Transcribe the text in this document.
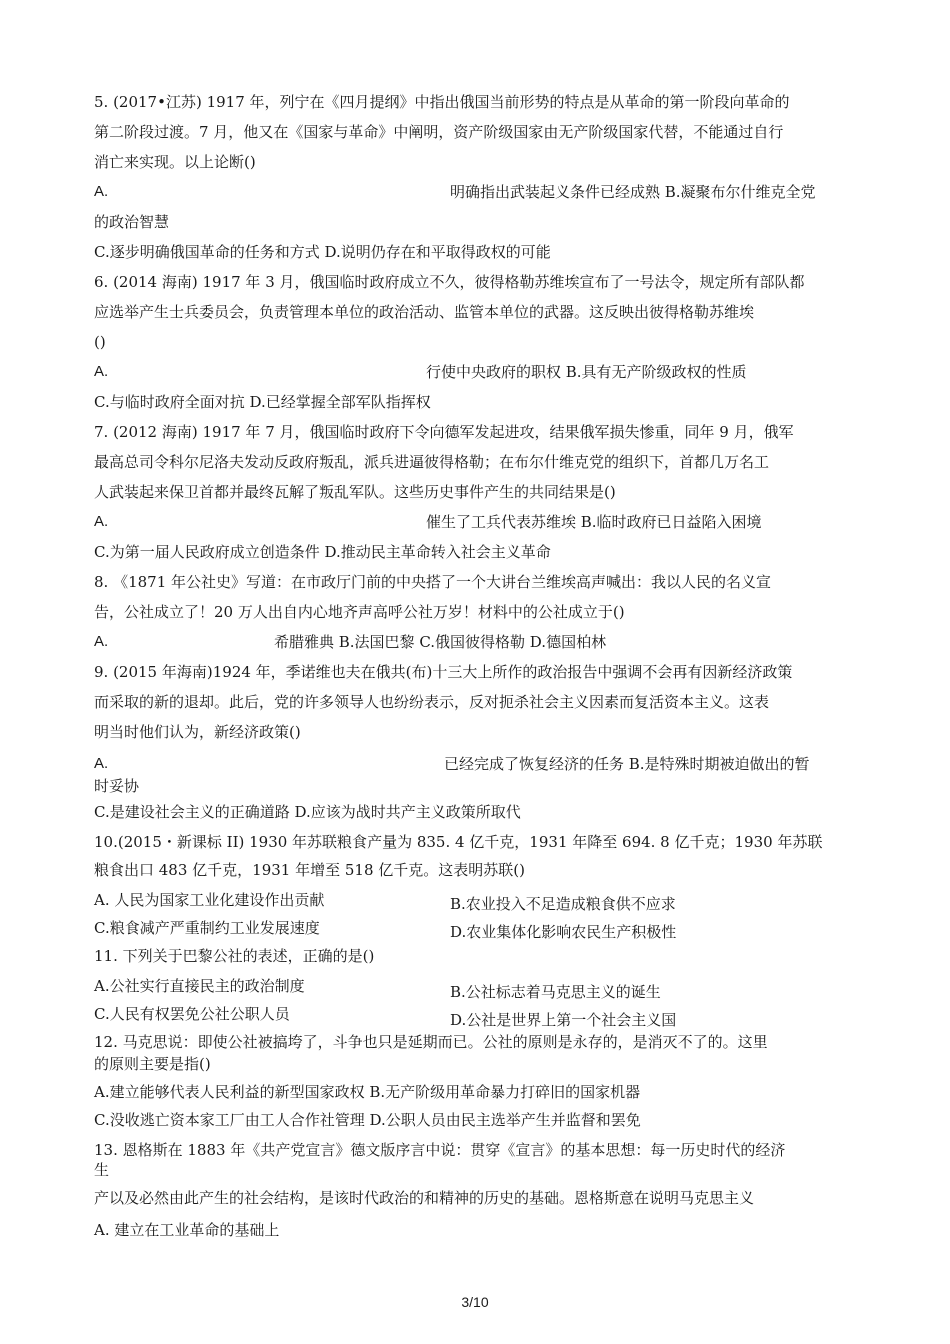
5. (2017•江苏) 1917 年，列宁在《四月提纲》中指出俄国当前形势的特点是从革命的第一阶段向革命的
第二阶段过渡。7 月，他又在《国家与革命》中阐明，资产阶级国家由无产阶级国家代替，不能通过自行
消亡来实现。以上论断()
A.	明确指出武装起义条件已经成熟 B.凝聚布尔什维克全党
的政治智慧
C.逐步明确俄国革命的任务和方式 D.说明仍存在和平取得政权的可能
6. (2014 海南) 1917 年 3 月，俄国临时政府成立不久，彼得格勒苏维埃宣布了一号法令，规定所有部队都
应选举产生士兵委员会，负责管理本单位的政治活动、监管本单位的武器。这反映出彼得格勒苏维埃
()
A.	行使中央政府的职权 B.具有无产阶级政权的性质
C.与临时政府全面对抗 D.已经掌握全部军队指挥权
7. (2012 海南) 1917 年 7 月，俄国临时政府下令向德军发起进攻，结果俄军损失惨重，同年 9 月，俄军
最高总司令科尔尼洛夫发动反政府叛乱，派兵进逼彼得格勒；在布尔什维克党的组织下，首都几万名工
人武装起来保卫首都并最终瓦解了叛乱军队。这些历史事件产生的共同结果是()
A.	催生了工兵代表苏维埃 B.临时政府已日益陷入困境
C.为第一届人民政府成立创造条件 D.推动民主革命转入社会主义革命
8. 《1871 年公社史》写道：在市政厅门前的中央搭了一个大讲台兰维埃高声喊出：我以人民的名义宣
告，公社成立了！20 万人出自内心地齐声高呼公社万岁！材料中的公社成立于()
A.	希腊雅典 B.法国巴黎 C.俄国彼得格勒 D.德国柏林
9. (2015 年海南)1924 年，季诺维也夫在俄共(布)十三大上所作的政治报告中强调不会再有因新经济政策
而采取的新的退却。此后，党的许多领导人也纷纷表示，反对扼杀社会主义因素而复活资本主义。这表
明当时他们认为，新经济政策()
A.	已经完成了恢复经济的任务 B.是特殊时期被迫做出的暂
时妥协
C.是建设社会主义的正确道路 D.应该为战时共产主义政策所取代
10.(2015・新课标 II) 1930 年苏联粮食产量为 835. 4 亿千克，1931 年降至 694. 8 亿千克；1930 年苏联
粮食出口 483 亿千克，1931 年增至 518 亿千克。这表明苏联()
A. 人民为国家工业化建设作出贡献	B.农业投入不足造成粮食供不应求
C.粮食减产严重制约工业发展速度	D.农业集体化影响农民生产积极性
11. 下列关于巴黎公社的表述，正确的是()
A.公社实行直接民主的政治制度	B.公社标志着马克思主义的诞生
C.人民有权罢免公社公职人员	D.公社是世界上第一个社会主义国
12. 马克思说：即使公社被搞垮了，斗争也只是延期而已。公社的原则是永存的，是消灭不了的。这里
的原则主要是指()
A.建立能够代表人民利益的新型国家政权 B.无产阶级用革命暴力打碎旧的国家机器
C.没收逃亡资本家工厂由工人合作社管理 D.公职人员由民主选举产生并监督和罢免
13. 恩格斯在 1883 年《共产党宣言》德文版序言中说：贯穿《宣言》的基本思想：每一历史时代的经济
生
产以及必然由此产生的社会结构，是该时代政治的和精神的历史的基础。恩格斯意在说明马克思主义
A. 建立在工业革命的基础上
3/10
